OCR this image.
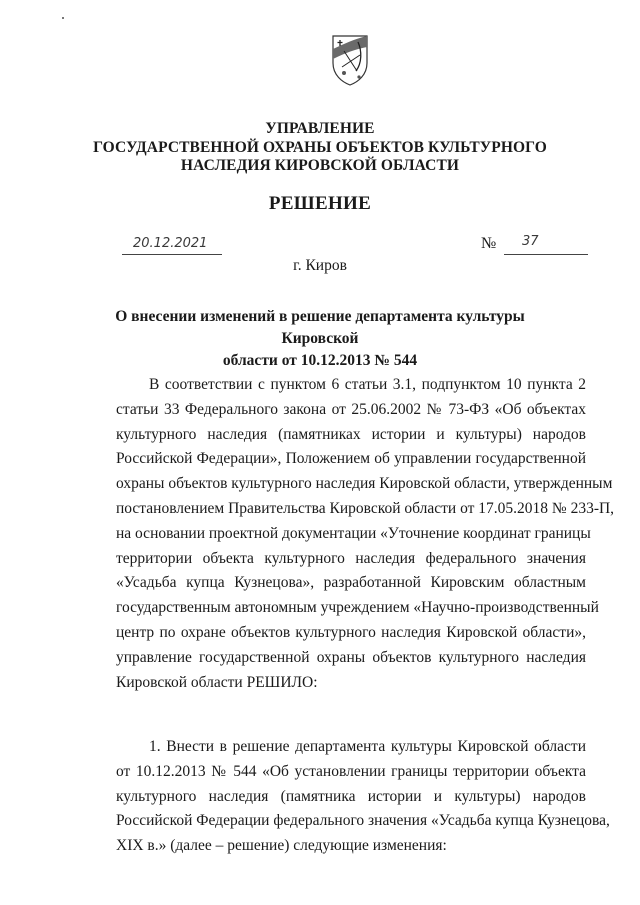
УПРАВЛЕНИЕ
ГОСУДАРСТВЕННОЙ ОХРАНЫ ОБЪЕКТОВ КУЛЬТУРНОГО
НАСЛЕДИЯ КИРОВСКОЙ ОБЛАСТИ
РЕШЕНИЕ
20.12.2021	№ 37
г. Киров
О внесении изменений в решение департамента культуры Кировской
области от 10.12.2013 № 544
В соответствии с пунктом 6 статьи 3.1, подпунктом 10 пункта 2
статьи 33 Федерального закона от 25.06.2002 № 73-ФЗ «Об объектах
культурного наследия (памятниках истории и культуры) народов
Российской Федерации», Положением об управлении государственной
охраны объектов культурного наследия Кировской области, утвержденным
постановлением Правительства Кировской области от 17.05.2018 № 233-П,
на основании проектной документации «Уточнение координат границы
территории объекта культурного наследия федерального значения
«Усадьба купца Кузнецова», разработанной Кировским областным
государственным автономным учреждением «Научно-производственный
центр по охране объектов культурного наследия Кировской области»,
управление государственной охраны объектов культурного наследия
Кировской области РЕШИЛО:
1. Внести в решение департамента культуры Кировской области
от 10.12.2013 № 544 «Об установлении границы территории объекта
культурного наследия (памятника истории и культуры) народов
Российской Федерации федерального значения «Усадьба купца Кузнецова,
XIX в.» (далее – решение) следующие изменения:
